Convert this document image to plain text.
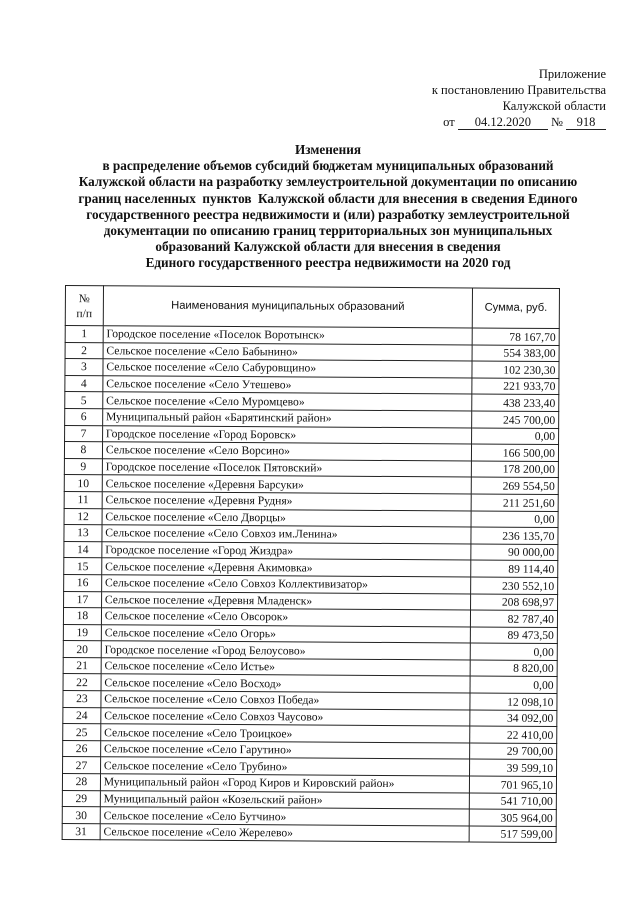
Приложение
к постановлению Правительства
Калужской области
от 04.12.2020 № 918
Изменения
в распределение объемов субсидий бюджетам муниципальных образований
Калужской области на разработку землеустроительной документации по описанию
границ населенных  пунктов  Калужской области для внесения в сведения Единого
государственного реестра недвижимости и (или) разработку землеустроительной
документации по описанию границ территориальных зон муниципальных
образований Калужской области для внесения в сведения
Единого государственного реестра недвижимости на 2020 год
№
п/п	Наименования муниципальных образований	Сумма, руб.
1	Городское поселение «Поселок Воротынск»	78 167,70
2	Сельское поселение «Село Бабынино»	554 383,00
3	Сельское поселение «Село Сабуровщино»	102 230,30
4	Сельское поселение «Село Утешево»	221 933,70
5	Сельское поселение «Село Муромцево»	438 233,40
6	Муниципальный район «Барятинский район»	245 700,00
7	Городское поселение «Город Боровск»	0,00
8	Сельское поселение «Село Ворсино»	166 500,00
9	Городское поселение «Поселок Пятовский»	178 200,00
10	Сельское поселение «Деревня Барсуки»	269 554,50
11	Сельское поселение «Деревня Рудня»	211 251,60
12	Сельское поселение «Село Дворцы»	0,00
13	Сельское поселение «Село Совхоз им.Ленина»	236 135,70
14	Городское поселение «Город Жиздра»	90 000,00
15	Сельское поселение «Деревня Акимовка»	89 114,40
16	Сельское поселение «Село Совхоз Коллективизатор»	230 552,10
17	Сельское поселение «Деревня Младенск»	208 698,97
18	Сельское поселение «Село Овсорок»	82 787,40
19	Сельское поселение «Село Огорь»	89 473,50
20	Городское поселение «Город Белоусово»	0,00
21	Сельское поселение «Село Истье»	8 820,00
22	Сельское поселение «Село Восход»	0,00
23	Сельское поселение «Село Совхоз Победа»	12 098,10
24	Сельское поселение «Село Совхоз Чаусово»	34 092,00
25	Сельское поселение «Село Троицкое»	22 410,00
26	Сельское поселение «Село Гарутино»	29 700,00
27	Сельское поселение «Село Трубино»	39 599,10
28	Муниципальный район «Город Киров и Кировский район»	701 965,10
29	Муниципальный район «Козельский район»	541 710,00
30	Сельское поселение «Село Бутчино»	305 964,00
31	Сельское поселение «Село Жерелево»	517 599,00
